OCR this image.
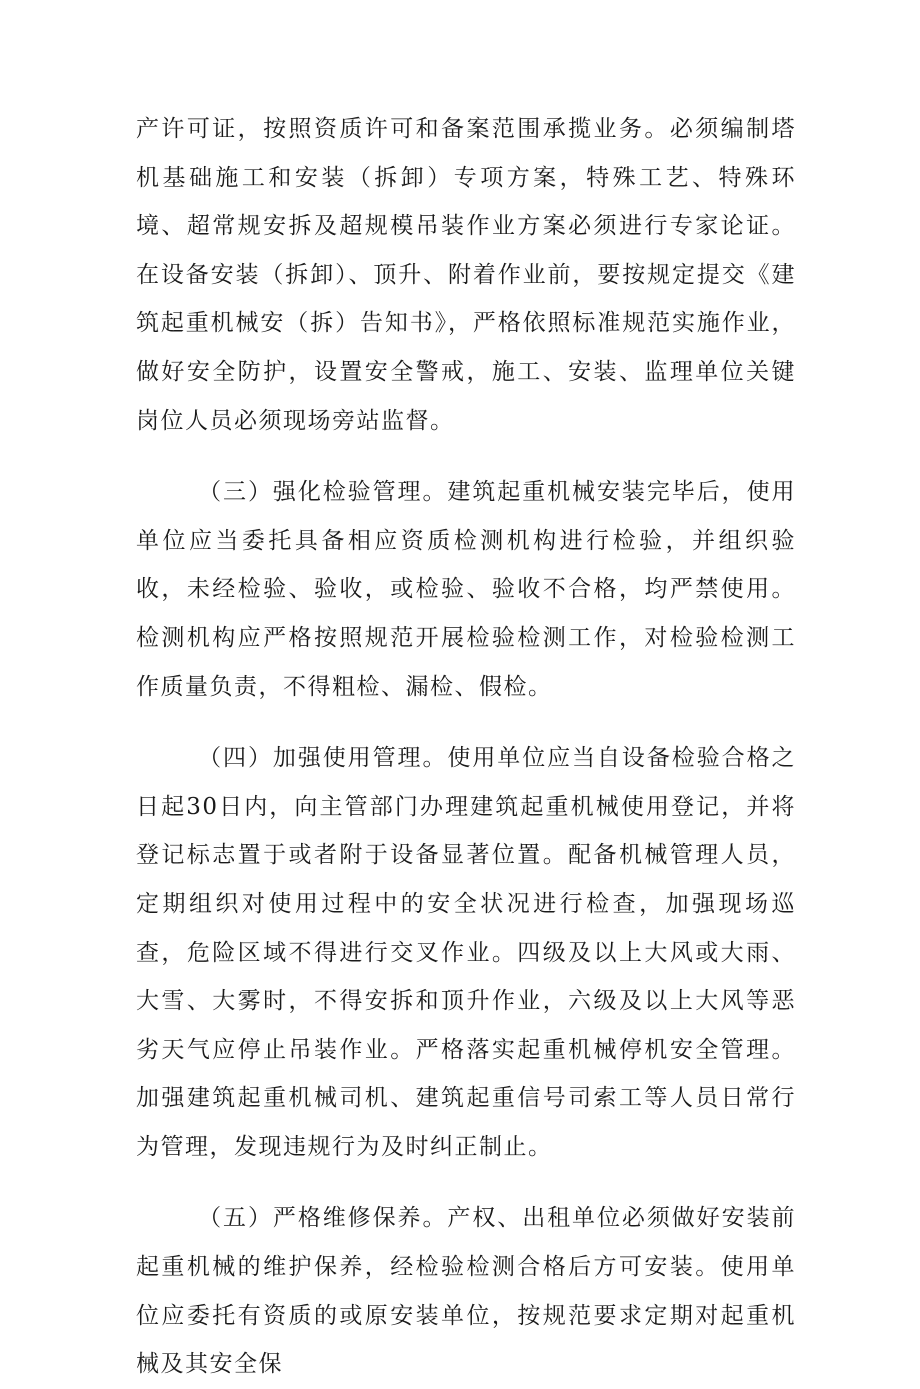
产许可证，按照资质许可和备案范围承揽业务。必须编制塔机基础施工和安装（拆卸）专项方案，特殊工艺、特殊环境、超常规安拆及超规模吊装作业方案必须进行专家论证。在设备安装（拆卸）、顶升、附着作业前，要按规定提交《建筑起重机械安（拆）告知书》，严格依照标准规范实施作业，做好安全防护，设置安全警戒，施工、安装、监理单位关键岗位人员必须现场旁站监督。

（三）强化检验管理。建筑起重机械安装完毕后，使用单位应当委托具备相应资质检测机构进行检验，并组织验收，未经检验、验收，或检验、验收不合格，均严禁使用。检测机构应严格按照规范开展检验检测工作，对检验检测工作质量负责，不得粗检、漏检、假检。

（四）加强使用管理。使用单位应当自设备检验合格之日起30日内，向主管部门办理建筑起重机械使用登记，并将登记标志置于或者附于设备显著位置。配备机械管理人员，定期组织对使用过程中的安全状况进行检查，加强现场巡查，危险区域不得进行交叉作业。四级及以上大风或大雨、大雪、大雾时，不得安拆和顶升作业，六级及以上大风等恶劣天气应停止吊装作业。严格落实起重机械停机安全管理。加强建筑起重机械司机、建筑起重信号司索工等人员日常行为管理，发现违规行为及时纠正制止。

（五）严格维修保养。产权、出租单位必须做好安装前起重机械的维护保养，经检验检测合格后方可安装。使用单位应委托有资质的或原安装单位，按规范要求定期对起重机械及其安全保
